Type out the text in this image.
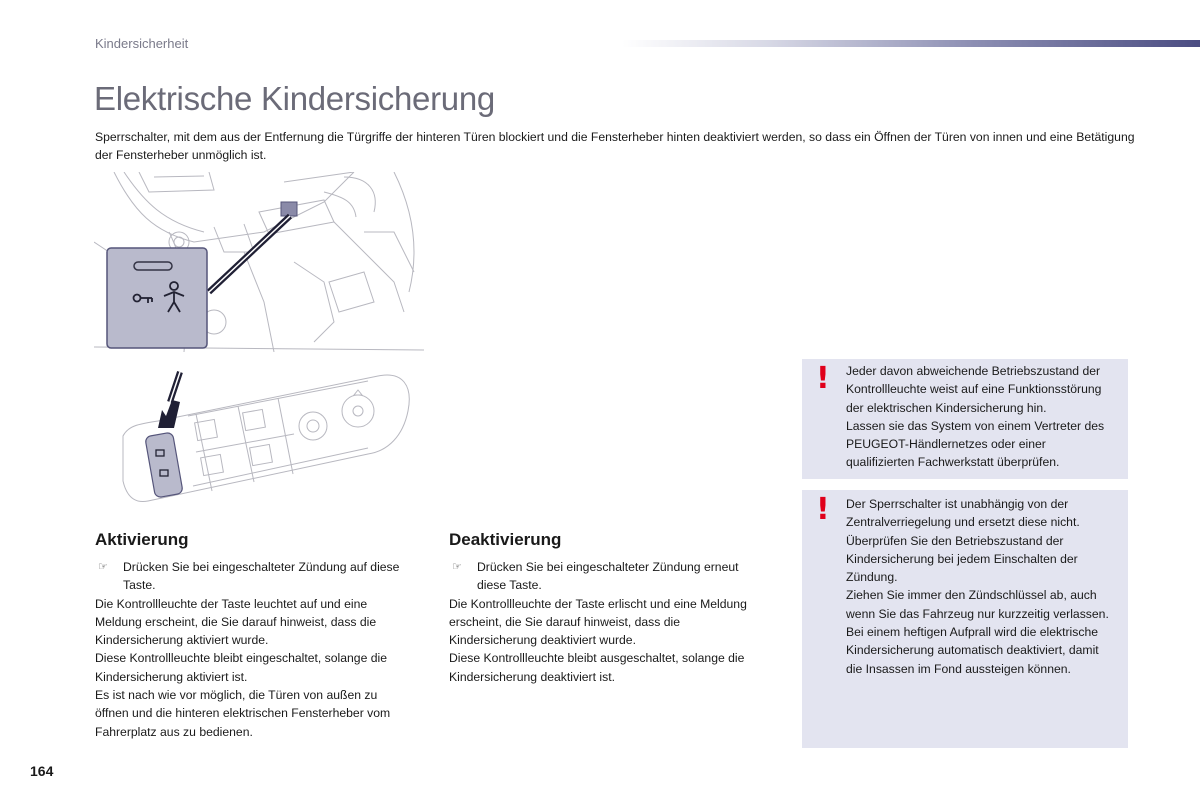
Kindersicherheit
Elektrische Kindersicherung
Sperrschalter, mit dem aus der Entfernung die Türgriffe der hinteren Türen blockiert und die Fensterheber hinten deaktiviert werden, so dass ein Öffnen der Türen von innen und eine Betätigung der Fensterheber unmöglich ist.
Aktivierung
☞ Drücken Sie bei eingeschalteter Zündung auf diese Taste.
Die Kontrollleuchte der Taste leuchtet auf und eine Meldung erscheint, die Sie darauf hinweist, dass die Kindersicherung aktiviert wurde.
Diese Kontrollleuchte bleibt eingeschaltet, solange die Kindersicherung aktiviert ist.
Es ist nach wie vor möglich, die Türen von außen zu öffnen und die hinteren elektrischen Fensterheber vom Fahrerplatz aus zu bedienen.
Deaktivierung
☞ Drücken Sie bei eingeschalteter Zündung erneut diese Taste.
Die Kontrollleuchte der Taste erlischt und eine Meldung erscheint, die Sie darauf hinweist, dass die Kindersicherung deaktiviert wurde.
Diese Kontrollleuchte bleibt ausgeschaltet, solange die Kindersicherung deaktiviert ist.
! Jeder davon abweichende Betriebszustand der Kontrollleuchte weist auf eine Funktionsstörung der elektrischen Kindersicherung hin.
Lassen sie das System von einem Vertreter des PEUGEOT-Händlernetzes oder einer qualifizierten Fachwerkstatt überprüfen.
! Der Sperrschalter ist unabhängig von der Zentralverriegelung und ersetzt diese nicht. Überprüfen Sie den Betriebszustand der Kindersicherung bei jedem Einschalten der Zündung.
Ziehen Sie immer den Zündschlüssel ab, auch wenn Sie das Fahrzeug nur kurzzeitig verlassen.
Bei einem heftigen Aufprall wird die elektrische Kindersicherung automatisch deaktiviert, damit die Insassen im Fond aussteigen können.
164
